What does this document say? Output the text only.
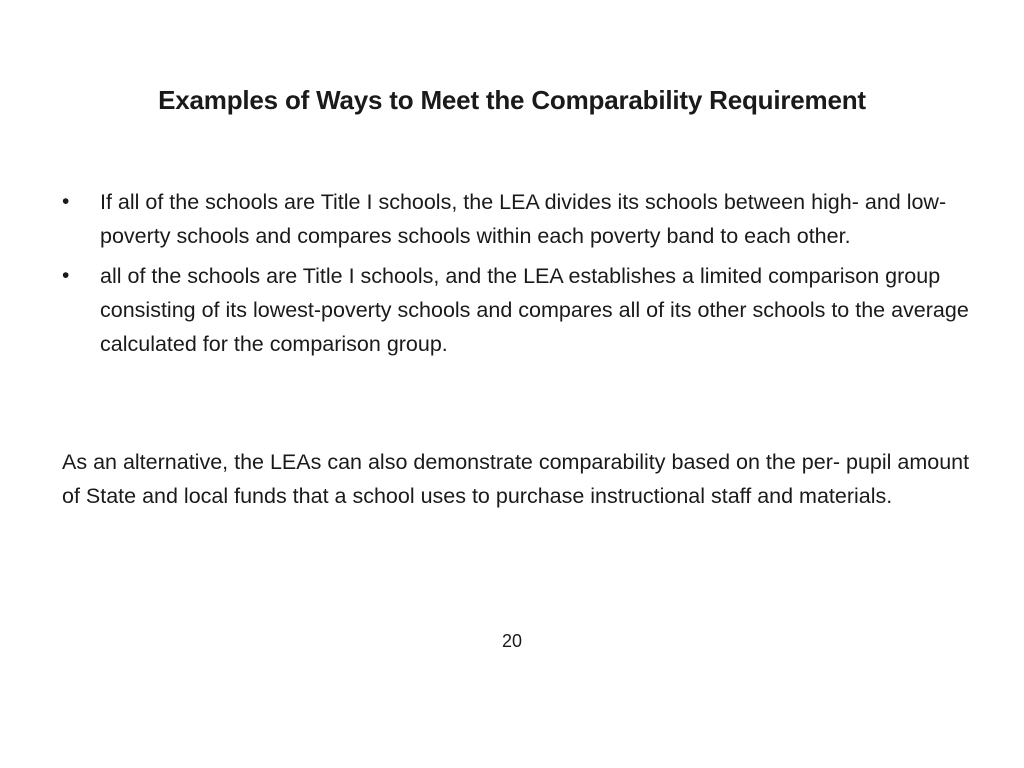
Examples of Ways to Meet the Comparability Requirement
•	If all of the schools are Title I schools, the LEA divides its schools between high- and low-poverty schools and compares schools within each poverty band to each other.
•	all of the schools are Title I schools, and the LEA establishes a limited comparison group consisting of its lowest-poverty schools and compares all of its other schools to the average calculated for the comparison group.

As an alternative, the LEAs can also demonstrate comparability based on the per- pupil amount of State and local funds that a school uses to purchase instructional staff and materials.

20
